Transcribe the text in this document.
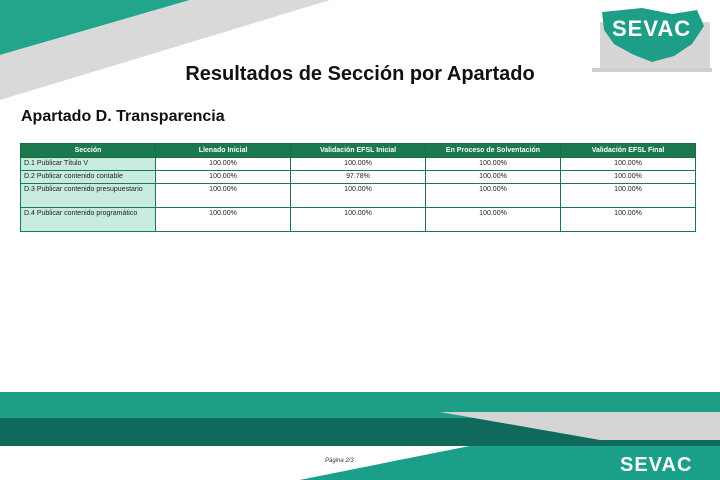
SEVAC
Resultados de Sección por Apartado
Apartado D. Transparencia
Sección	Llenado Inicial	Validación EFSL Inicial	En Proceso de Solventación	Validación EFSL Final
D.1 Publicar Título V	100.00%	100.00%	100.00%	100.00%
D.2 Publicar contenido contable	100.00%	97.78%	100.00%	100.00%
D.3 Publicar contenido presupuestario	100.00%	100.00%	100.00%	100.00%
D.4 Publicar contenido programático	100.00%	100.00%	100.00%	100.00%
Página 2/3	SEVAC
